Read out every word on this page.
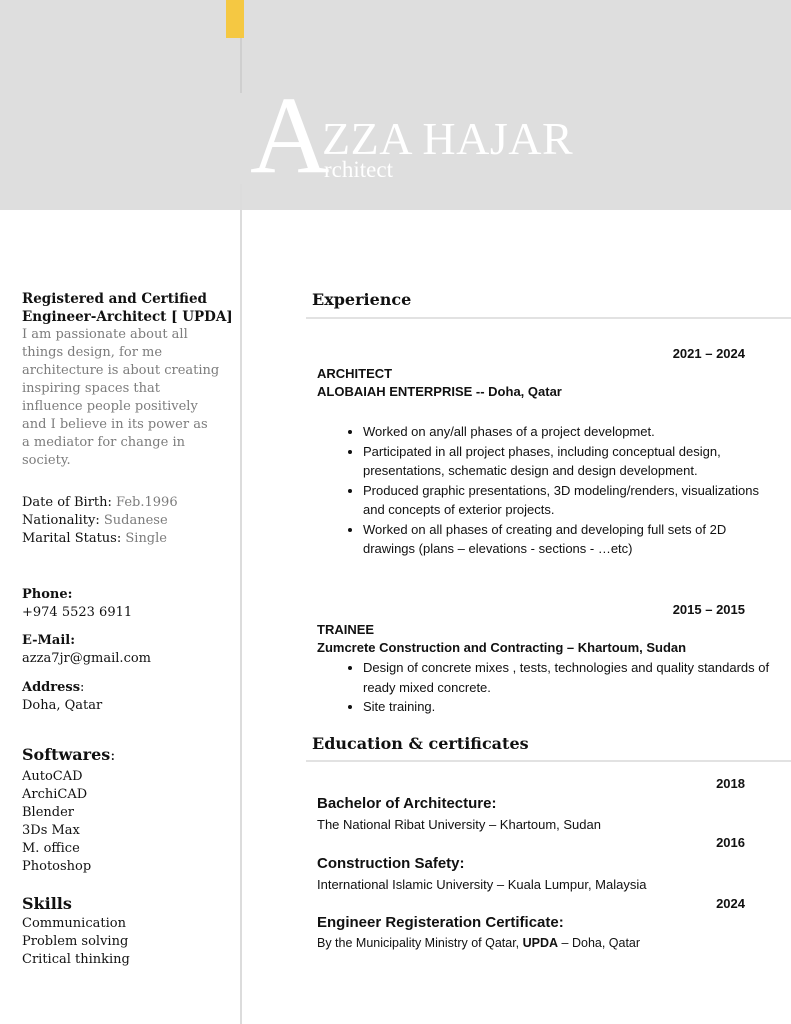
A
ZZA HAJAR
rchitect
Registered and Certified
Engineer-Architect [ UPDA]
I am passionate about all
things design, for me
architecture is about creating
inspiring spaces that
influence people positively
and I believe in its power as
a mediator for change in
society.
Date of Birth: Feb.1996
Nationality: Sudanese
Marital Status: Single
Phone:
+974 5523 6911
E-Mail:
azza7jr@gmail.com
Address:
Doha, Qatar
Softwares:
AutoCAD
ArchiCAD
Blender
3Ds Max
M. office
Photoshop
Skills
Communication
Problem solving
Critical thinking
Experience
2021 – 2024
ARCHITECT
ALOBAIAH ENTERPRISE -- Doha, Qatar
• Worked on any/all phases of a project developmet.
• Participated in all project phases, including conceptual design, presentations, schematic design and design development.
• Produced graphic presentations, 3D modeling/renders, visualizations and concepts of exterior projects.
• Worked on all phases of creating and developing full sets of 2D drawings (plans – elevations - sections - …etc)
2015 – 2015
TRAINEE
Zumcrete Construction and Contracting – Khartoum, Sudan
• Design of concrete mixes , tests, technologies and quality standards of ready mixed concrete.
• Site training.
Education & certificates
2018
Bachelor of Architecture:
The National Ribat University – Khartoum, Sudan
2016
Construction Safety:
International Islamic University – Kuala Lumpur, Malaysia
2024
Engineer Registeration Certificate:
By the Municipality Ministry of Qatar, UPDA – Doha, Qatar
